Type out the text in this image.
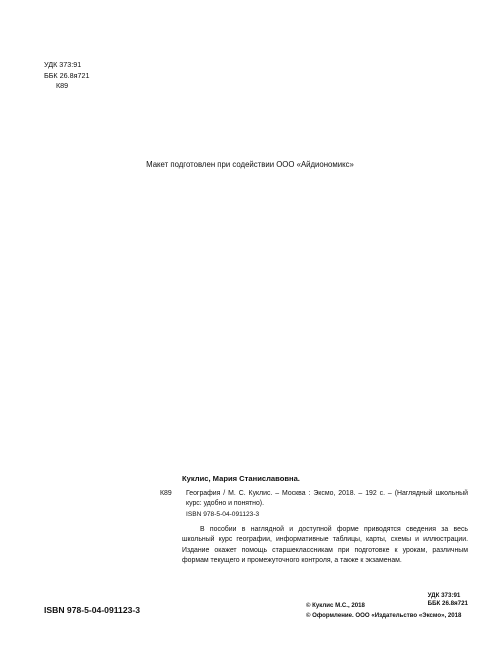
УДК 373:91
ББК 26.8я721
К89
Макет подготовлен при содействии ООО «Айдиономикс»
Куклис, Мария Станиславовна.
К89 География / М. С. Куклис. – Москва : Эксмо, 2018. – 192 с. – (Наглядный школьный курс: удобно и понятно).
ISBN 978-5-04-091123-3
В пособии в наглядной и доступной форме приводятся сведения за весь школьный курс географии, информативные таблицы, карты, схемы и иллюстрации. Издание окажет помощь старшеклассникам при подготовке к урокам, различным формам текущего и промежуточного контроля, а также к экзаменам.
УДК 373:91
ББК 26.8я721
ISBN 978-5-04-091123-3	© Куклис М.С., 2018
© Оформление. ООО «Издательство «Эксмо», 2018
